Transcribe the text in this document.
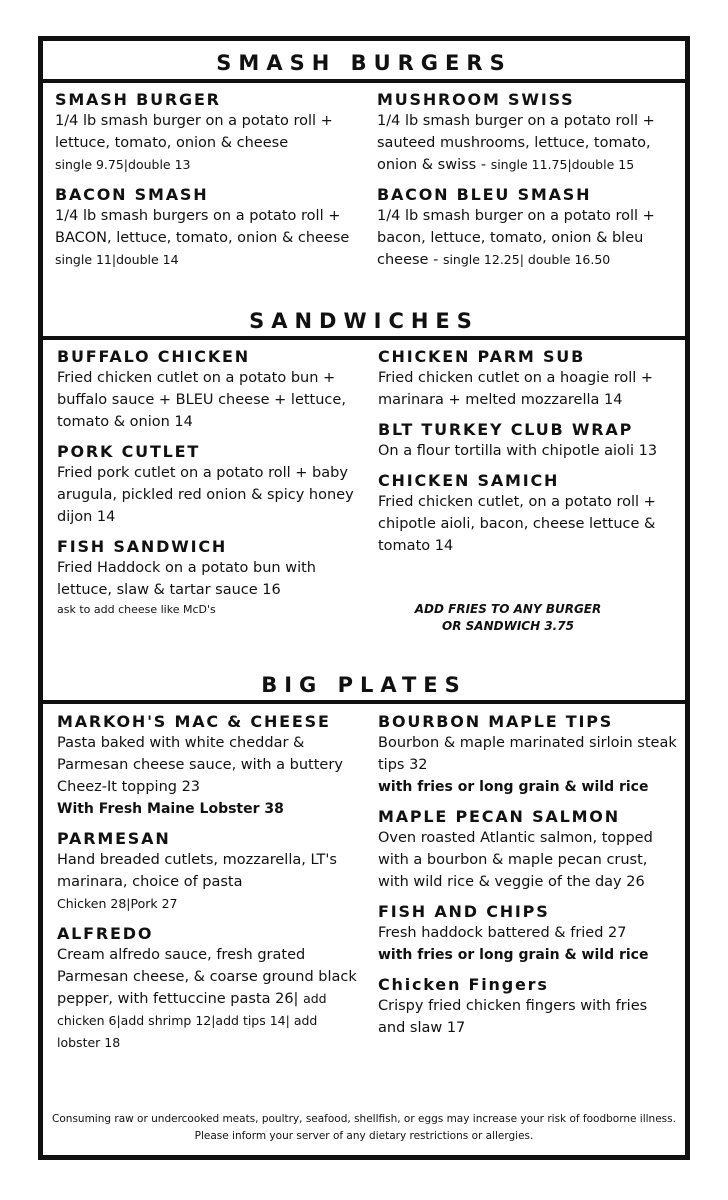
SMASH BURGERS
SMASH BURGER
1/4 lb smash burger on a potato roll + lettuce, tomato, onion & cheese
single 9.75|double 13
BACON SMASH
1/4 lb smash burgers on a potato roll + BACON, lettuce, tomato, onion & cheese single 11|double 14
MUSHROOM SWISS
1/4 lb smash burger on a potato roll + sauteed mushrooms, lettuce, tomato, onion & swiss - single 11.75|double 15
BACON BLEU SMASH
1/4 lb smash burger on a potato roll + bacon, lettuce, tomato, onion & bleu cheese - single 12.25| double 16.50
SANDWICHES
BUFFALO CHICKEN
Fried chicken cutlet on a potato bun + buffalo sauce + BLEU cheese + lettuce, tomato & onion 14
PORK CUTLET
Fried pork cutlet on a potato roll + baby arugula, pickled red onion & spicy honey dijon 14
FISH SANDWICH
Fried Haddock on a potato bun with lettuce, slaw & tartar sauce 16
ask to add cheese like McD's
CHICKEN PARM SUB
Fried chicken cutlet on a hoagie roll + marinara + melted mozzarella 14
BLT TURKEY CLUB WRAP
On a flour tortilla with chipotle aioli 13
CHICKEN SAMICH
Fried chicken cutlet, on a potato roll + chipotle aioli, bacon, cheese lettuce & tomato 14
ADD FRIES TO ANY BURGER
OR SANDWICH 3.75
BIG PLATES
MARKOH'S MAC & CHEESE
Pasta baked with white cheddar & Parmesan cheese sauce, with a buttery Cheez-It topping 23
With Fresh Maine Lobster 38
PARMESAN
Hand breaded cutlets, mozzarella, LT's marinara, choice of pasta
Chicken 28|Pork 27
ALFREDO
Cream alfredo sauce, fresh grated Parmesan cheese, & coarse ground black pepper, with fettuccine pasta 26| add chicken 6|add shrimp 12|add tips 14| add lobster 18
BOURBON MAPLE TIPS
Bourbon & maple marinated sirloin steak tips 32
with fries or long grain & wild rice
MAPLE PECAN SALMON
Oven roasted Atlantic salmon, topped with a bourbon & maple pecan crust, with wild rice & veggie of the day 26
FISH AND CHIPS
Fresh haddock battered & fried 27
with fries or long grain & wild rice
Chicken Fingers
Crispy fried chicken fingers with fries and slaw 17
Consuming raw or undercooked meats, poultry, seafood, shellfish, or eggs may increase your risk of foodborne illness.
Please inform your server of any dietary restrictions or allergies.
